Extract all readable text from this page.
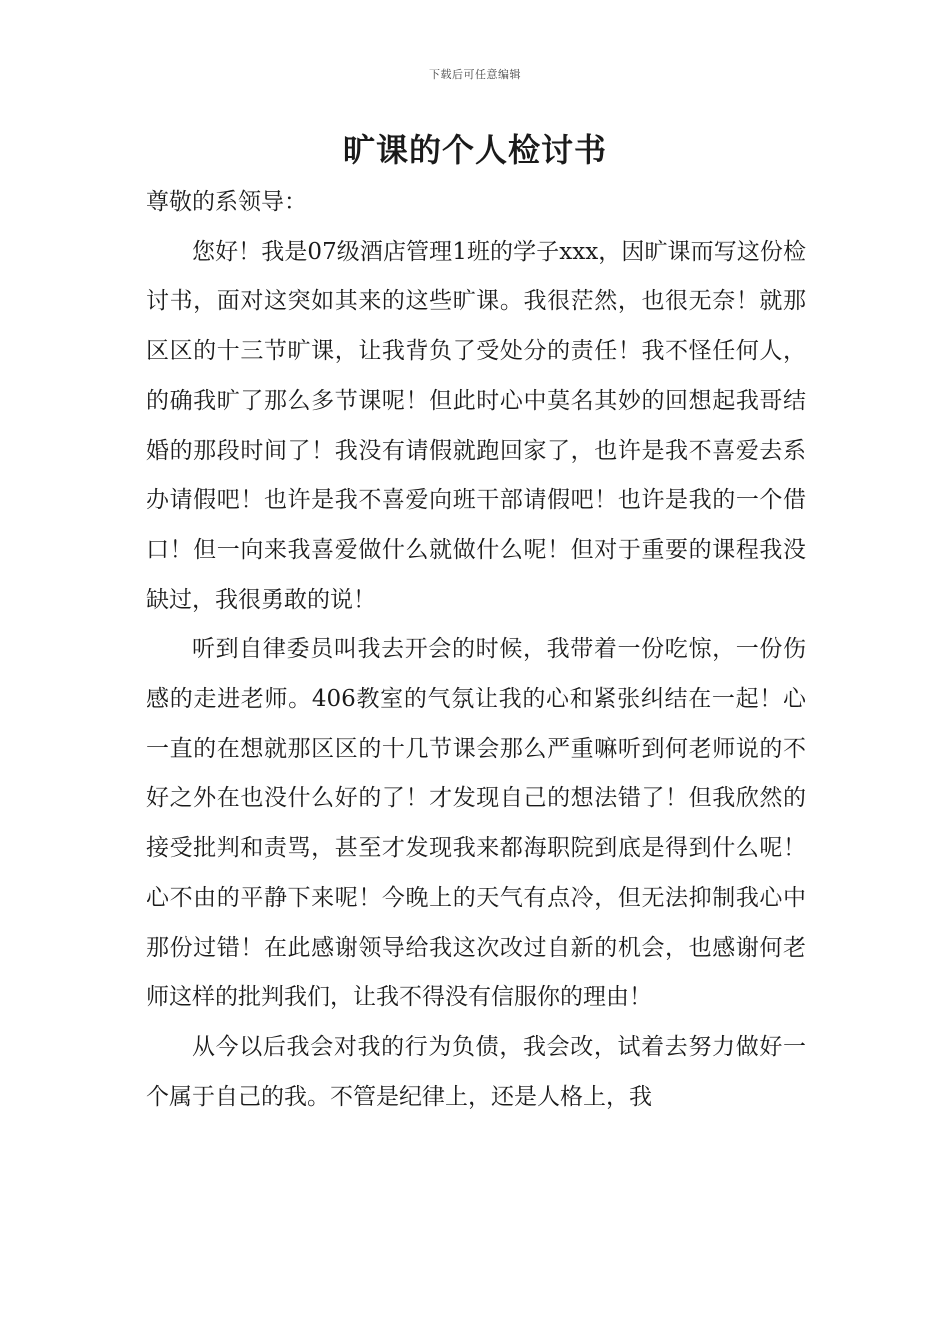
下载后可任意编辑
旷课的个人检讨书

尊敬的系领导：

您好！我是07级酒店管理1班的学子xxx，因旷课而写这份检讨书，面对这突如其来的这些旷课。我很茫然，也很无奈！就那区区的十三节旷课，让我背负了受处分的责任！我不怪任何人，的确我旷了那么多节课呢！但此时心中莫名其妙的回想起我哥结婚的那段时间了！我没有请假就跑回家了，也许是我不喜爱去系办请假吧！也许是我不喜爱向班干部请假吧！也许是我的一个借口！但一向来我喜爱做什么就做什么呢！但对于重要的课程我没缺过，我很勇敢的说！

听到自律委员叫我去开会的时候，我带着一份吃惊，一份伤感的走进老师。406教室的气氛让我的心和紧张纠结在一起！心一直的在想就那区区的十几节课会那么严重嘛听到何老师说的不好之外在也没什么好的了！才发现自己的想法错了！但我欣然的接受批判和责骂，甚至才发现我来都海职院到底是得到什么呢！心不由的平静下来呢！今晚上的天气有点冷，但无法抑制我心中那份过错！在此感谢领导给我这次改过自新的机会，也感谢何老师这样的批判我们，让我不得没有信服你的理由！

从今以后我会对我的行为负债，我会改，试着去努力做好一个属于自己的我。不管是纪律上，还是人格上，我
